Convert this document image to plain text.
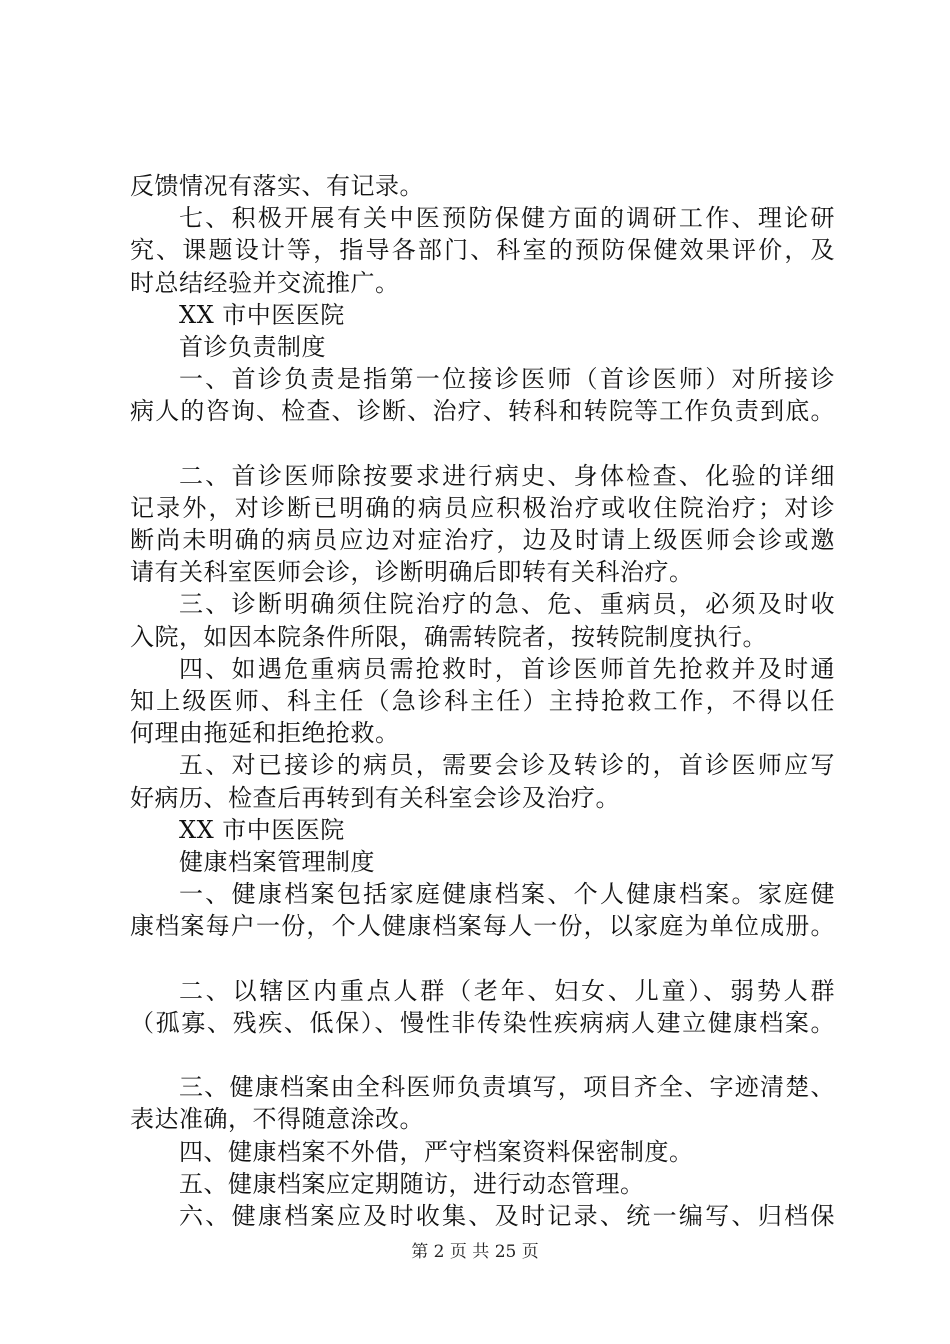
反馈情况有落实、有记录。
七、积极开展有关中医预防保健方面的调研工作、理论研
究、课题设计等，指导各部门、科室的预防保健效果评价，及
时总结经验并交流推广。
XX 市中医医院
首诊负责制度
一、首诊负责是指第一位接诊医师（首诊医师）对所接诊
病人的咨询、检查、诊断、治疗、转科和转院等工作负责到底。
二、首诊医师除按要求进行病史、身体检查、化验的详细
记录外，对诊断已明确的病员应积极治疗或收住院治疗；对诊
断尚未明确的病员应边对症治疗，边及时请上级医师会诊或邀
请有关科室医师会诊，诊断明确后即转有关科治疗。
三、诊断明确须住院治疗的急、危、重病员，必须及时收
入院，如因本院条件所限，确需转院者，按转院制度执行。
四、如遇危重病员需抢救时，首诊医师首先抢救并及时通
知上级医师、科主任（急诊科主任）主持抢救工作，不得以任
何理由拖延和拒绝抢救。
五、对已接诊的病员，需要会诊及转诊的，首诊医师应写
好病历、检查后再转到有关科室会诊及治疗。
XX 市中医医院
健康档案管理制度
一、健康档案包括家庭健康档案、个人健康档案。家庭健
康档案每户一份，个人健康档案每人一份，以家庭为单位成册。
二、以辖区内重点人群（老年、妇女、儿童）、弱势人群
（孤寡、残疾、低保）、慢性非传染性疾病病人建立健康档案。
三、健康档案由全科医师负责填写，项目齐全、字迹清楚、
表达准确，不得随意涂改。
四、健康档案不外借，严守档案资料保密制度。
五、健康档案应定期随访，进行动态管理。
六、健康档案应及时收集、及时记录、统一编写、归档保
第 2 页 共 25 页
